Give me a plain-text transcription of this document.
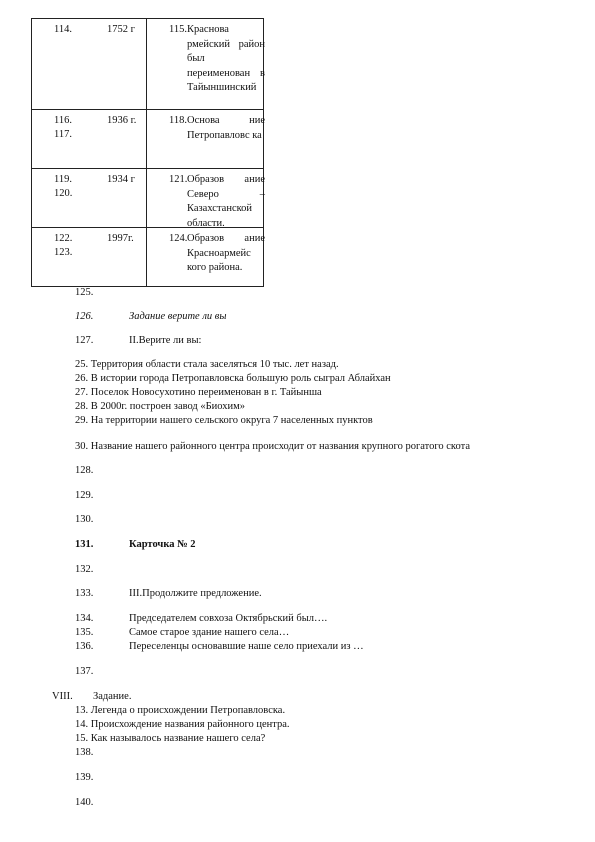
114. 1752 г	115. Краснова рмейский район был переименован в Тайыншинский

116.
117.
1936 г.	118. Основа ние Петропавловс ка

119.
120.
1934 г	121. Образов ание Северо – Казахстанской области.

122.
123.
1997г.	124. Образов ание Красноармейс кого района.
125.
126.	Задание верите ли вы
127.	II.Верите ли вы:
25. Территория области стала заселяться 10 тыс. лет назад.
26. В истории города Петропавловска большую роль сыграл Аблайхан
27. Поселок Новосухотино переименован в г. Тайынша
28. В 2000г. построен завод «Биохим»
29. На территории нашего сельского округа 7 населенных пунктов
30. Название нашего районного центра происходит от названия крупного рогатого скота
128.
129.
130.
131.	Карточка № 2
132.
133.	III.Продолжите предложение.
134.	Председателем совхоза Октябрьский был….
135.	Самое старое здание нашего села…
136.	Переселенцы основавшие наше село приехали из …
137.
VIII. Задание.
13. Легенда о происхождении Петропавловска.
14. Происхождение названия районного центра.
15. Как называлось название нашего села?
138.
139.
140.
